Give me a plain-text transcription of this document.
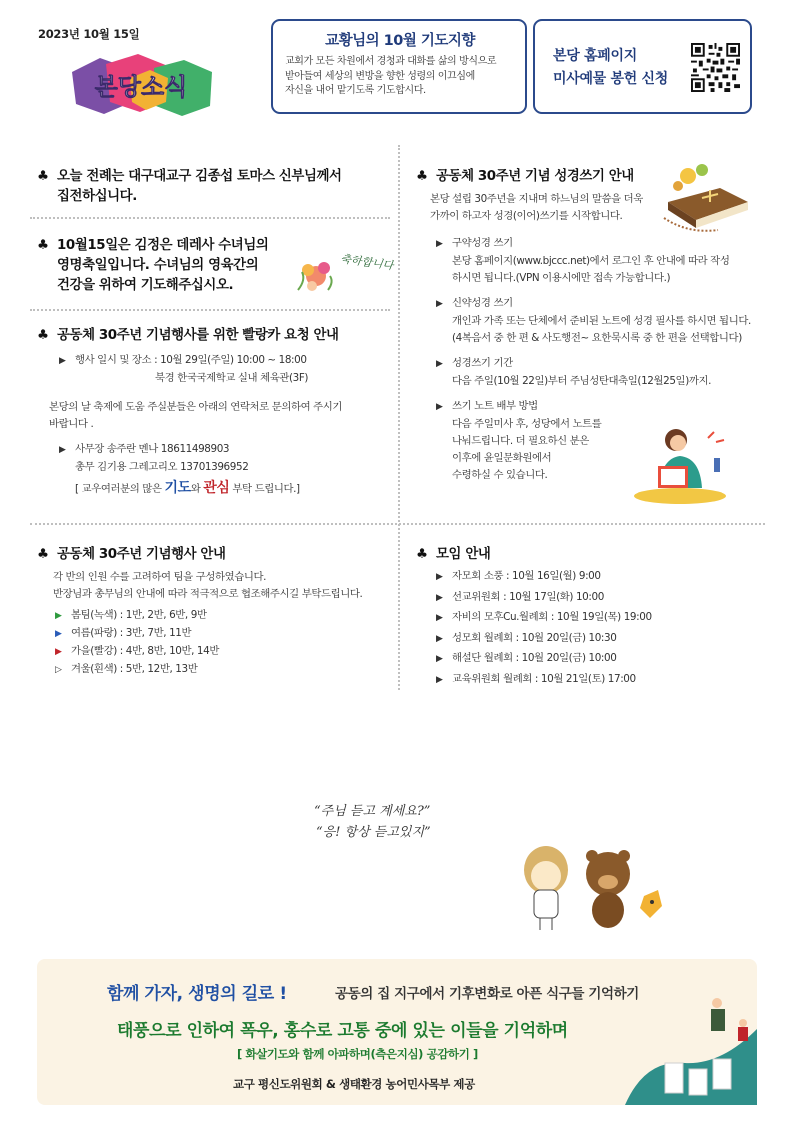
2023년 10월 15일
본당소식
교황님의 10월 기도지향
교회가 모든 차원에서 경청과 대화를 삶의 방식으로
받아들여 세상의 변방을 향한 성령의 이끄심에
자신을 내어 맡기도록 기도합시다.
본당 홈페이지
미사예물 봉헌 신청
♣ 오늘 전례는 대구대교구 김종섭 토마스 신부님께서
집전하십니다.
♣ 10월15일은 김정은 데레사 수녀님의
영명축일입니다. 수녀님의 영육간의
건강을 위하여 기도해주십시오.
축하합니다
♣ 공동체 30주년 기념행사를 위한 빨랑카 요청 안내
▶ 행사 일시 및 장소 : 10월 29일(주일) 10:00 ~ 18:00
북경 한국국제학교 실내 체육관(3F)
본당의 날 축제에 도움 주실분들은 아래의 연락처로 문의하여 주시기
바랍니다 .
▶ 사무장 송주란 멘나 18611498903
총무 김기용 그레고리오 13701396952
[ 교우여러분의 많은 기도와 관심 부탁 드립니다.]
♣ 공동체 30주년 기념행사 안내
각 반의 인원 수를 고려하여 팀을 구성하였습니다.
반장님과 총무님의 안내에 따라 적극적으로 협조해주시길 부탁드립니다.
▶ 봄팀(녹색) : 1반, 2반, 6반, 9반
▶ 여름(파랑) : 3반, 7반, 11반
▶ 가을(빨강) : 4반, 8반, 10반, 14반
▷ 겨울(흰색) : 5반, 12반, 13반
♣ 공동체 30주년 기념 성경쓰기 안내
본당 설립 30주년을 지내며 하느님의 말씀을 더욱
가까이 하고자 성경(이어)쓰기를 시작합니다.
▶ 구약성경 쓰기
본당 홈페이지(www.bjccc.net)에서 로그인 후 안내에 따라 작성
하시면 됩니다.(VPN 이용시에만 접속 가능합니다.)
▶ 신약성경 쓰기
개인과 가족 또는 단체에서 준비된 노트에 성경 필사를 하시면 됩니다.
(4복음서 중 한 편 & 사도행전~ 요한묵시록 중 한 편을 선택합니다)
▶ 성경쓰기 기간
다음 주일(10월 22일)부터 주님성탄대축일(12월25일)까지.
▶ 쓰기 노트 배부 방법
다음 주일미사 후, 성당에서 노트를
나눠드립니다. 더 필요하신 분은
이후에 윤일문화원에서
수령하실 수 있습니다.
♣ 모임 안내
▶ 자모회 소풍 : 10월 16일(월) 9:00
▶ 선교위원회 : 10월 17일(화) 10:00
▶ 자비의 모후Cu.월례회 : 10월 19일(목) 19:00
▶ 성모회 월례회 : 10월 20일(금) 10:30
▶ 해설단 월례회 : 10월 20일(금) 10:00
▶ 교육위원회 월례회 : 10월 21일(토) 17:00
“주님 듣고 계세요?”
“응! 항상 듣고있지”
함께 가자, 생명의 길로 !	공동의 집 지구에서 기후변화로 아픈 식구들 기억하기
태풍으로 인하여 폭우, 홍수로 고통 중에 있는 이들을 기억하며
[ 화살기도와 함께 아파하며(측은지심) 공감하기 ]
교구 평신도위원회 & 생태환경 농어민사목부 제공
